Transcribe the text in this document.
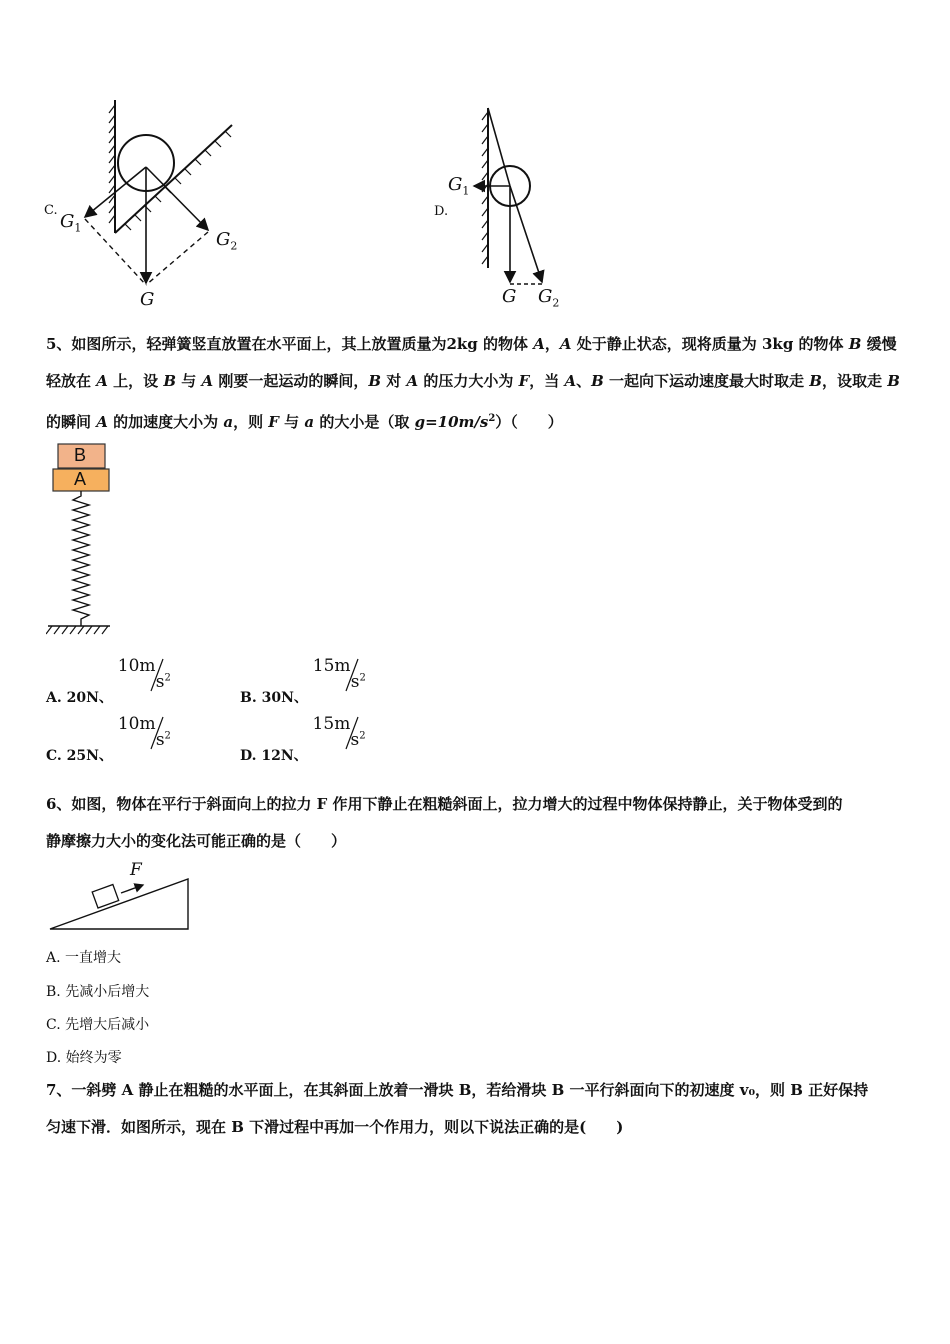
C.
$G_1$
$G_2$
G
D.
$G_1$
G $G_2$
5、如图所示，轻弹簧竖直放置在水平面上，其上放置质量为2kg 的物体 A，A 处于静止状态，现将质量为 3kg 的物体 B 缓慢轻放在 A 上，设 B 与 A 刚要一起运动的瞬间，B 对 A 的压力大小为 F，当 A、B 一起向下运动速度最大时取走 B，设取走 B 的瞬间 A 的加速度大小为 a，则 F 与 a 的大小是（取 $g=10m/s^2$）（　　）
B
A
A. 20N、
10m
$s^2$
B. 30N、
15m
$s^2$
C. 25N、
10m
$s^2$
D. 12N、
15m
$s^2$
6、如图，物体在平行于斜面向上的拉力 F 作用下静止在粗糙斜面上，拉力增大的过程中物体保持静止，关于物体受到的
静摩擦力大小的变化法可能正确的是（　　）
F
A. 一直增大
B. 先减小后增大
C. 先增大后减小
D. 始终为零
7、一斜劈 A 静止在粗糙的水平面上，在其斜面上放着一滑块 B，若给滑块 B 一平行斜面向下的初速度 v₀，则 B 正好保持
匀速下滑．如图所示，现在 B 下滑过程中再加一个作用力，则以下说法正确的是(　　)
